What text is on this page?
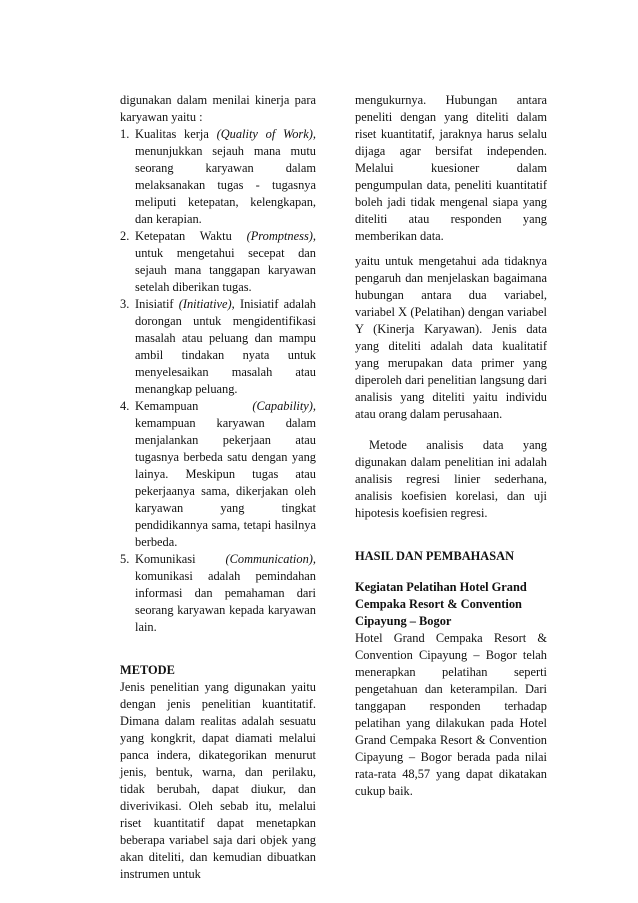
digunakan dalam menilai kinerja para karyawan yaitu :

1. Kualitas kerja (Quality of Work), menunjukkan sejauh mana mutu seorang karyawan dalam melaksanakan tugas - tugasnya meliputi ketepatan, kelengkapan, dan kerapian.
2. Ketepatan Waktu (Promptness), untuk mengetahui secepat dan sejauh mana tanggapan karyawan setelah diberikan tugas.
3. Inisiatif (Initiative), Inisiatif adalah dorongan untuk mengidentifikasi masalah atau peluang dan mampu ambil tindakan nyata untuk menyelesaikan masalah atau menangkap peluang.
4. Kemampuan	(Capability), kemampuan karyawan dalam menjalankan pekerjaan atau tugasnya berbeda satu dengan yang lainya. Meskipun tugas atau pekerjaanya sama, dikerjakan oleh karyawan yang tingkat pendidikannya sama, tetapi hasilnya berbeda.
5. Komunikasi (Communication), komunikasi adalah pemindahan informasi dan pemahaman dari seorang karyawan kepada karyawan lain.
METODE

Jenis penelitian yang digunakan yaitu dengan jenis penelitian kuantitatif. Dimana dalam realitas adalah sesuatu yang kongkrit, dapat diamati melalui panca indera, dikategorikan menurut jenis, bentuk, warna, dan perilaku, tidak berubah, dapat diukur, dan diverivikasi. Oleh sebab itu, melalui riset kuantitatif dapat menetapkan beberapa variabel saja dari objek yang akan diteliti, dan kemudian dibuatkan instrumen untuk

mengukurnya. Hubungan antara peneliti dengan yang diteliti dalam riset kuantitatif, jaraknya harus selalu dijaga agar bersifat independen. Melalui kuesioner dalam pengumpulan data, peneliti kuantitatif boleh jadi tidak mengenal siapa yang diteliti atau responden yang memberikan data.

yaitu untuk mengetahui ada tidaknya pengaruh dan menjelaskan bagaimana hubungan antara dua variabel, variabel X (Pelatihan) dengan variabel Y (Kinerja Karyawan). Jenis data yang diteliti adalah data kualitatif yang merupakan data primer yang diperoleh dari penelitian langsung dari analisis yang diteliti yaitu individu atau orang dalam perusahaan.

Metode analisis data yang digunakan dalam penelitian ini adalah analisis regresi linier sederhana, analisis koefisien korelasi, dan uji hipotesis koefisien regresi.

HASIL DAN PEMBAHASAN
Kegiatan Pelatihan Hotel Grand Cempaka Resort & Convention Cipayung – Bogor

Hotel Grand Cempaka Resort & Convention Cipayung – Bogor telah menerapkan pelatihan seperti pengetahuan dan keterampilan. Dari tanggapan responden terhadap pelatihan yang dilakukan pada Hotel Grand Cempaka Resort & Convention Cipayung – Bogor berada pada nilai rata-rata 48,57 yang dapat dikatakan cukup baik.
